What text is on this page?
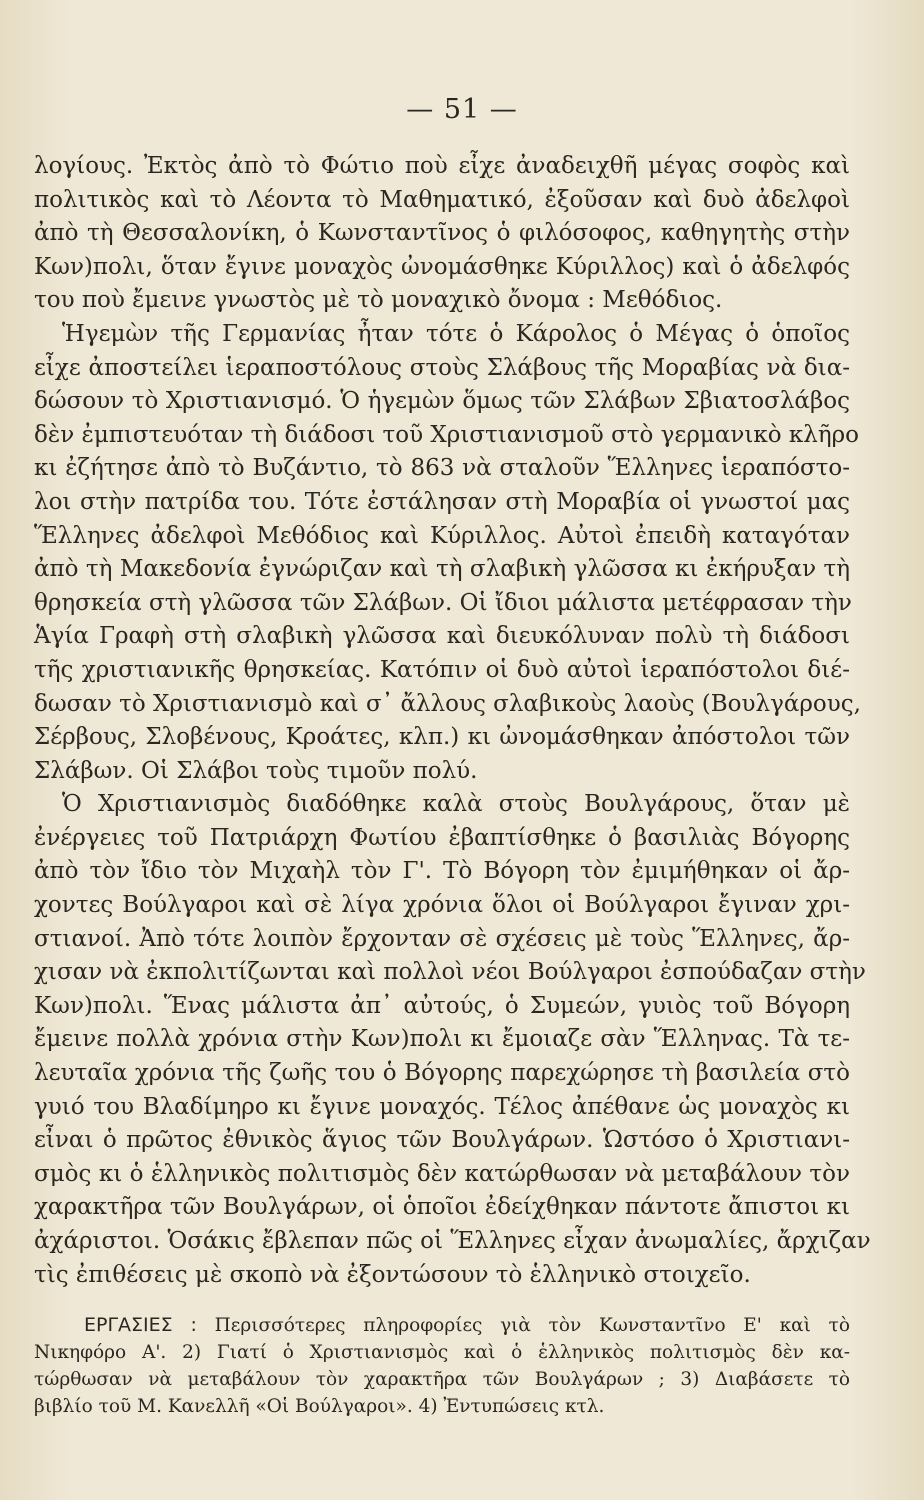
— 51 —
λογίους. Ἐκτὸς ἀπὸ τὸ Φώτιο ποὺ εἶχε ἀναδειχθῆ μέγας σοφὸς καὶ
πολιτικὸς καὶ τὸ Λέοντα τὸ Μαθηματικό, ἐξοῦσαν καὶ δυὸ ἀδελφοὶ
ἀπὸ τὴ Θεσσαλονίκη, ὁ Κωνσταντῖνος ὁ φιλόσοφος, καθηγητὴς στὴν
Κων)πολι, ὅταν ἔγινε μοναχὸς ὠνομάσθηκε Κύριλλος) καὶ ὁ ἀδελφός
του ποὺ ἔμεινε γνωστὸς μὲ τὸ μοναχικὸ ὄνομα : Μεθόδιος.
Ἡγεμὼν τῆς Γερμανίας ἦταν τότε ὁ Κάρολος ὁ Μέγας ὁ ὁποῖος
εἶχε ἀποστείλει ἱεραποστόλους στοὺς Σλάβους τῆς Μοραβίας νὰ δια-
δώσουν τὸ Χριστιανισμό. Ὁ ἡγεμὼν ὅμως τῶν Σλάβων Σβιατοσλάβος
δὲν ἐμπιστευόταν τὴ διάδοσι τοῦ Χριστιανισμοῦ στὸ γερμανικὸ κλῆρο
κι ἐζήτησε ἀπὸ τὸ Βυζάντιο, τὸ 863 νὰ σταλοῦν Ἕλληνες ἱεραπόστο-
λοι στὴν πατρίδα του. Τότε ἐστάλησαν στὴ Μοραβία οἱ γνωστοί μας
Ἕλληνες ἀδελφοὶ Μεθόδιος καὶ Κύριλλος. Αὐτοὶ ἐπειδὴ καταγόταν
ἀπὸ τὴ Μακεδονία ἐγνώριζαν καὶ τὴ σλαβικὴ γλῶσσα κι ἐκήρυξαν τὴ
θρησκεία στὴ γλῶσσα τῶν Σλάβων. Οἱ ἴδιοι μάλιστα μετέφρασαν τὴν
Ἁγία Γραφὴ στὴ σλαβικὴ γλῶσσα καὶ διευκόλυναν πολὺ τὴ διάδοσι
τῆς χριστιανικῆς θρησκείας. Κατόπιν οἱ δυὸ αὐτοὶ ἱεραπόστολοι διέ-
δωσαν τὸ Χριστιανισμὸ καὶ σ᾿ ἄλλους σλαβικοὺς λαοὺς (Βουλγάρους,
Σέρβους, Σλοβένους, Κροάτες, κλπ.) κι ὠνομάσθηκαν ἀπόστολοι τῶν
Σλάβων. Οἱ Σλάβοι τοὺς τιμοῦν πολύ.
Ὁ Χριστιανισμὸς διαδόθηκε καλὰ στοὺς Βουλγάρους, ὅταν μὲ
ἐνέργειες τοῦ Πατριάρχη Φωτίου ἐβαπτίσθηκε ὁ βασιλιὰς Βόγορης
ἀπὸ τὸν ἴδιο τὸν Μιχαὴλ τὸν Γ'. Τὸ Βόγορη τὸν ἐμιμήθηκαν οἱ ἄρ-
χοντες Βούλγαροι καὶ σὲ λίγα χρόνια ὅλοι οἱ Βούλγαροι ἔγιναν χρι-
στιανοί. Ἀπὸ τότε λοιπὸν ἔρχονταν σὲ σχέσεις μὲ τοὺς Ἕλληνες, ἄρ-
χισαν νὰ ἐκπολιτίζωνται καὶ πολλοὶ νέοι Βούλγαροι ἐσπούδαζαν στὴν
Κων)πολι. Ἕνας μάλιστα ἀπ᾿ αὐτούς, ὁ Συμεών, γυιὸς τοῦ Βόγορη
ἔμεινε πολλὰ χρόνια στὴν Κων)πολι κι ἔμοιαζε σὰν Ἕλληνας. Τὰ τε-
λευταῖα χρόνια τῆς ζωῆς του ὁ Βόγορης παρεχώρησε τὴ βασιλεία στὸ
γυιό του Βλαδίμηρο κι ἔγινε μοναχός. Τέλος ἀπέθανε ὡς μοναχὸς κι
εἶναι ὁ πρῶτος ἐθνικὸς ἅγιος τῶν Βουλγάρων. Ὡστόσο ὁ Χριστιανι-
σμὸς κι ὁ ἑλληνικὸς πολιτισμὸς δὲν κατώρθωσαν νὰ μεταβάλουν τὸν
χαρακτῆρα τῶν Βουλγάρων, οἱ ὁποῖοι ἐδείχθηκαν πάντοτε ἄπιστοι κι
ἀχάριστοι. Ὁσάκις ἔβλεπαν πῶς οἱ Ἕλληνες εἶχαν ἀνωμαλίες, ἄρχιζαν
τὶς ἐπιθέσεις μὲ σκοπὸ νὰ ἐξοντώσουν τὸ ἑλληνικὸ στοιχεῖο.
ΕΡΓΑΣΙΕΣ : Περισσότερες πληροφορίες γιὰ τὸν Κωνσταντῖνο Ε' καὶ τὸ
Νικηφόρο Α'. 2) Γιατί ὁ Χριστιανισμὸς καὶ ὁ ἑλληνικὸς πολιτισμὸς δὲν κα-
τώρθωσαν νὰ μεταβάλουν τὸν χαρακτῆρα τῶν Βουλγάρων ; 3) Διαβάσετε τὸ
βιβλίο τοῦ Μ. Κανελλῆ «Οἱ Βούλγαροι». 4) Ἐντυπώσεις κτλ.
